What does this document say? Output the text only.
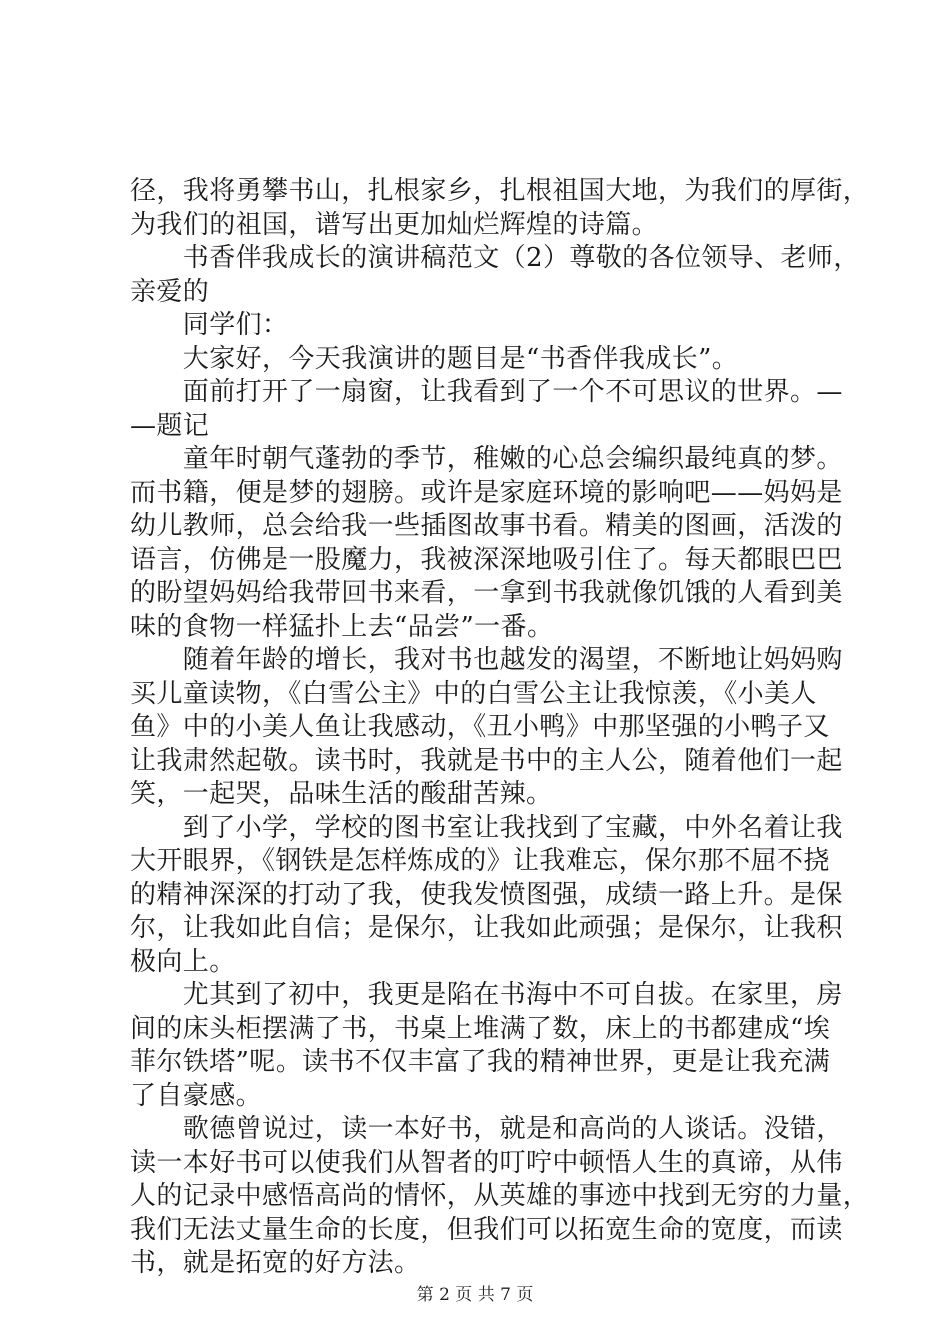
径，我将勇攀书山，扎根家乡，扎根祖国大地，为我们的厚街，
为我们的祖国，谱写出更加灿烂辉煌的诗篇。
　　书香伴我成长的演讲稿范文（2）尊敬的各位领导、老师，
亲爱的
　　同学们：
　　大家好，今天我演讲的题目是“书香伴我成长”。
　　面前打开了一扇窗，让我看到了一个不可思议的世界。—
—题记
　　童年时朝气蓬勃的季节，稚嫩的心总会编织最纯真的梦。
而书籍，便是梦的翅膀。或许是家庭环境的影响吧——妈妈是
幼儿教师，总会给我一些插图故事书看。精美的图画，活泼的
语言，仿佛是一股魔力，我被深深地吸引住了。每天都眼巴巴
的盼望妈妈给我带回书来看，一拿到书我就像饥饿的人看到美
味的食物一样猛扑上去“品尝”一番。
　　随着年龄的增长，我对书也越发的渴望，不断地让妈妈购
买儿童读物，《白雪公主》中的白雪公主让我惊羡，《小美人
鱼》中的小美人鱼让我感动，《丑小鸭》中那坚强的小鸭子又
让我肃然起敬。读书时，我就是书中的主人公，随着他们一起
笑，一起哭，品味生活的酸甜苦辣。
　　到了小学，学校的图书室让我找到了宝藏，中外名着让我
大开眼界，《钢铁是怎样炼成的》让我难忘，保尔那不屈不挠
的精神深深的打动了我，使我发愤图强，成绩一路上升。是保
尔，让我如此自信；是保尔，让我如此顽强；是保尔，让我积
极向上。
　　尤其到了初中，我更是陷在书海中不可自拔。在家里，房
间的床头柜摆满了书，书桌上堆满了数，床上的书都建成“埃
菲尔铁塔”呢。读书不仅丰富了我的精神世界，更是让我充满
了自豪感。
　　歌德曾说过，读一本好书，就是和高尚的人谈话。没错，
读一本好书可以使我们从智者的叮咛中顿悟人生的真谛，从伟
人的记录中感悟高尚的情怀，从英雄的事迹中找到无穷的力量，
我们无法丈量生命的长度，但我们可以拓宽生命的宽度，而读
书，就是拓宽的好方法。
第 2 页 共 7 页
